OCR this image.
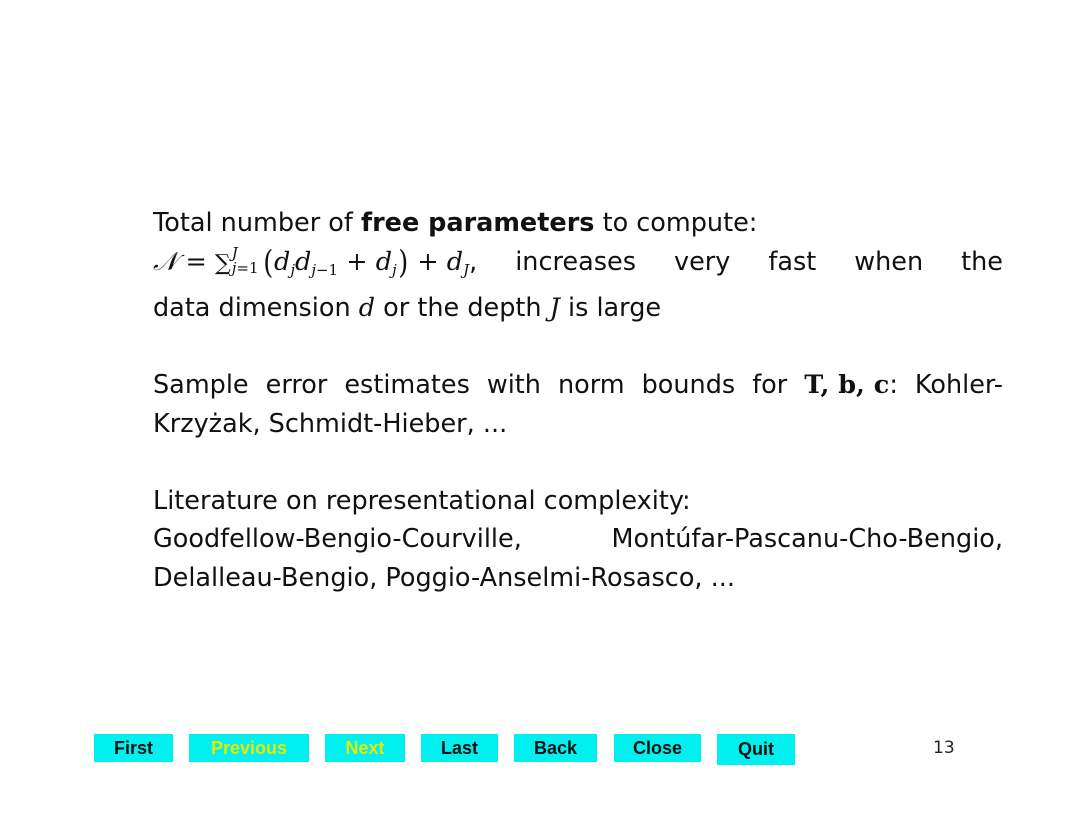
Total number of free parameters to compute:
𝒩 = ∑ J
j=1 (djdj−1 + dj) + dJ, increases very fast when the
data dimension d or the depth J is large
Sample error estimates with norm bounds for T, b, c: Kohler-
Krzyżak, Schmidt-Hieber, ...
Literature on representational complexity:
Goodfellow-Bengio-Courville,	Montúfar-Pascanu-Cho-Bengio,
Delalleau-Bengio, Poggio-Anselmi-Rosasco, ...
First	Previous	Next	Last	Back	Close	Quit	13
